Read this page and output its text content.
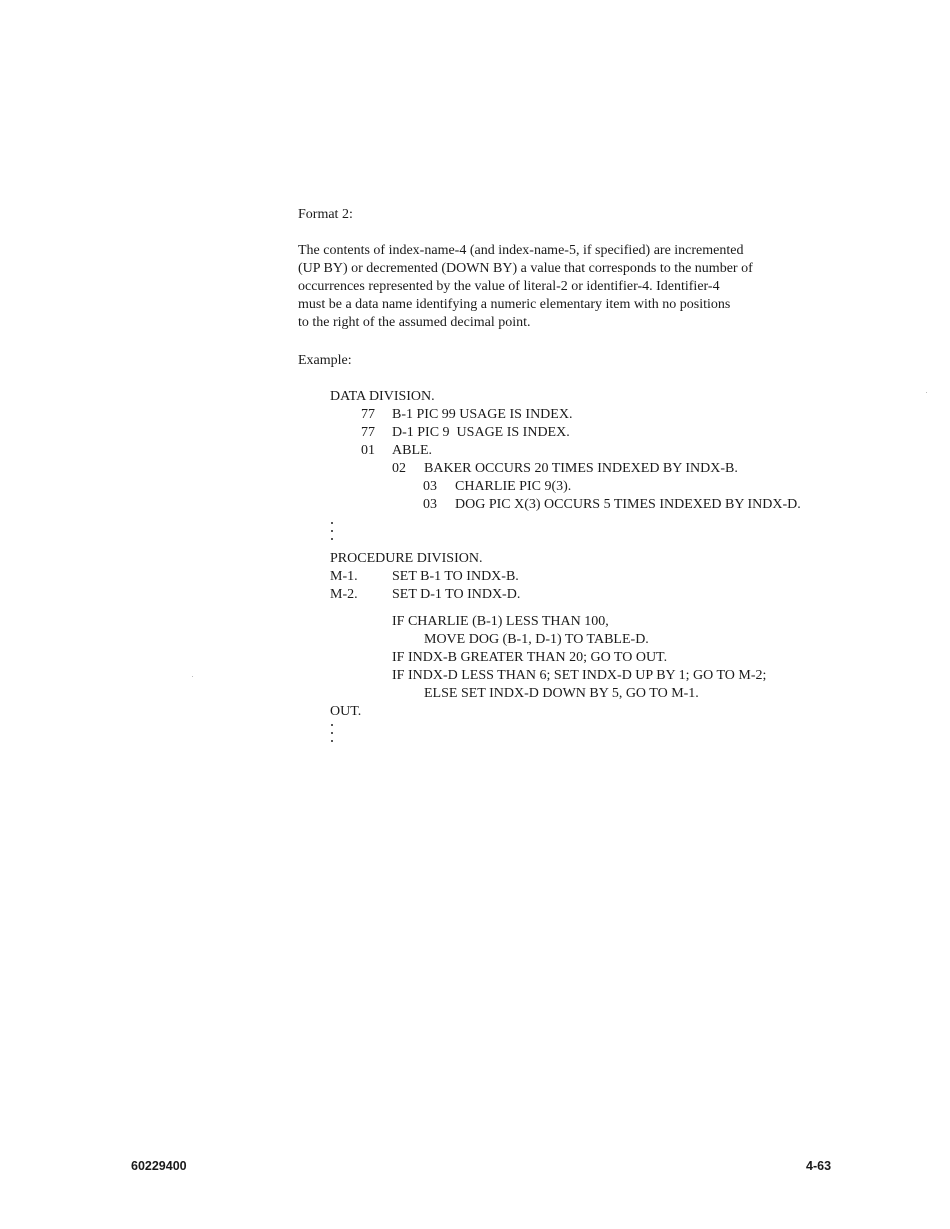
Format 2:
The contents of index-name-4 (and index-name-5, if specified) are incremented
(UP BY) or decremented (DOWN BY) a value that corresponds to the number of
occurrences represented by the value of literal-2 or identifier-4. Identifier-4
must be a data name identifying a numeric elementary item with no positions
to the right of the assumed decimal point.
Example:
DATA DIVISION.
77 B-1 PIC 99 USAGE IS INDEX.
77 D-1 PIC 9  USAGE IS INDEX.
01 ABLE.
02 BAKER OCCURS 20 TIMES INDEXED BY INDX-B.
03 CHARLIE PIC 9(3).
03 DOG PIC X(3) OCCURS 5 TIMES INDEXED BY INDX-D.
PROCEDURE DIVISION.
M-1. SET B-1 TO INDX-B.
M-2. SET D-1 TO INDX-D.
IF CHARLIE (B-1) LESS THAN 100,
MOVE DOG (B-1, D-1) TO TABLE-D.
IF INDX-B GREATER THAN 20; GO TO OUT.
IF INDX-D LESS THAN 6; SET INDX-D UP BY 1; GO TO M-2;
ELSE SET INDX-D DOWN BY 5, GO TO M-1.
OUT.
60229400	4-63
